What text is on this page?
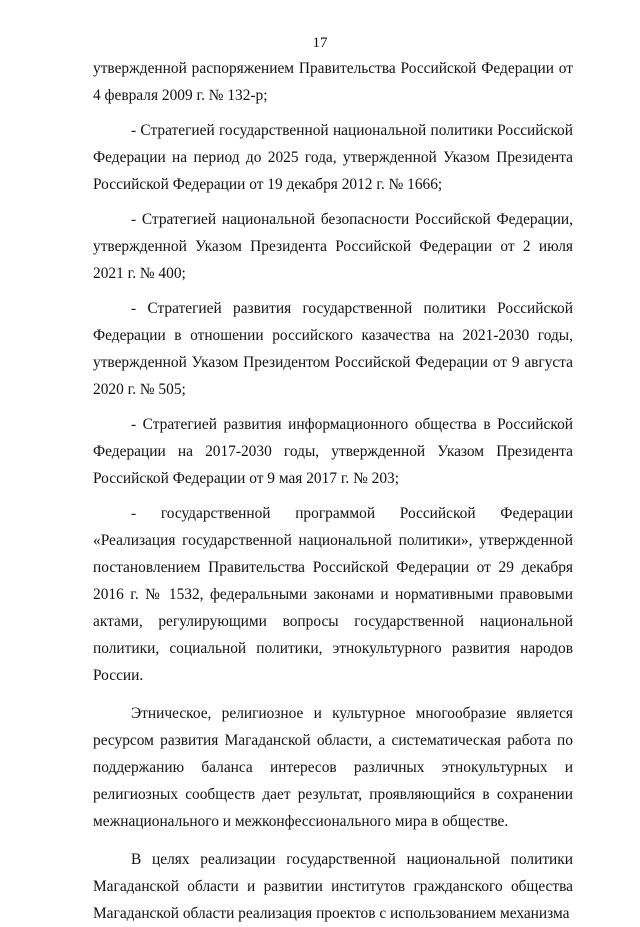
17

утвержденной распоряжением Правительства Российской Федерации от 4 февраля 2009 г. № 132-р;

- Стратегией государственной национальной политики Российской Федерации на период до 2025 года, утвержденной Указом Президента Российской Федерации от 19 декабря 2012 г. № 1666;

- Стратегией национальной безопасности Российской Федерации, утвержденной Указом Президента Российской Федерации от 2 июля 2021 г. № 400;

- Стратегией развития государственной политики Российской Федерации в отношении российского казачества на 2021-2030 годы, утвержденной Указом Президентом Российской Федерации от 9 августа 2020 г. № 505;

- Стратегией развития информационного общества в Российской Федерации на 2017-2030 годы, утвержденной Указом Президента Российской Федерации от 9 мая 2017 г. № 203;

- государственной программой Российской Федерации «Реализация государственной национальной политики», утвержденной постановлением Правительства Российской Федерации от 29 декабря 2016 г. № 1532, федеральными законами и нормативными правовыми актами, регулирующими вопросы государственной национальной политики, социальной политики, этнокультурного развития народов России.

Этническое, религиозное и культурное многообразие является ресурсом развития Магаданской области, а систематическая работа по поддержанию баланса интересов различных этнокультурных и религиозных сообществ дает результат, проявляющийся в сохранении межнационального и межконфессионального мира в обществе.

В целях реализации государственной национальной политики Магаданской области и развитии институтов гражданского общества Магаданской области реализация проектов с использованием механизма
